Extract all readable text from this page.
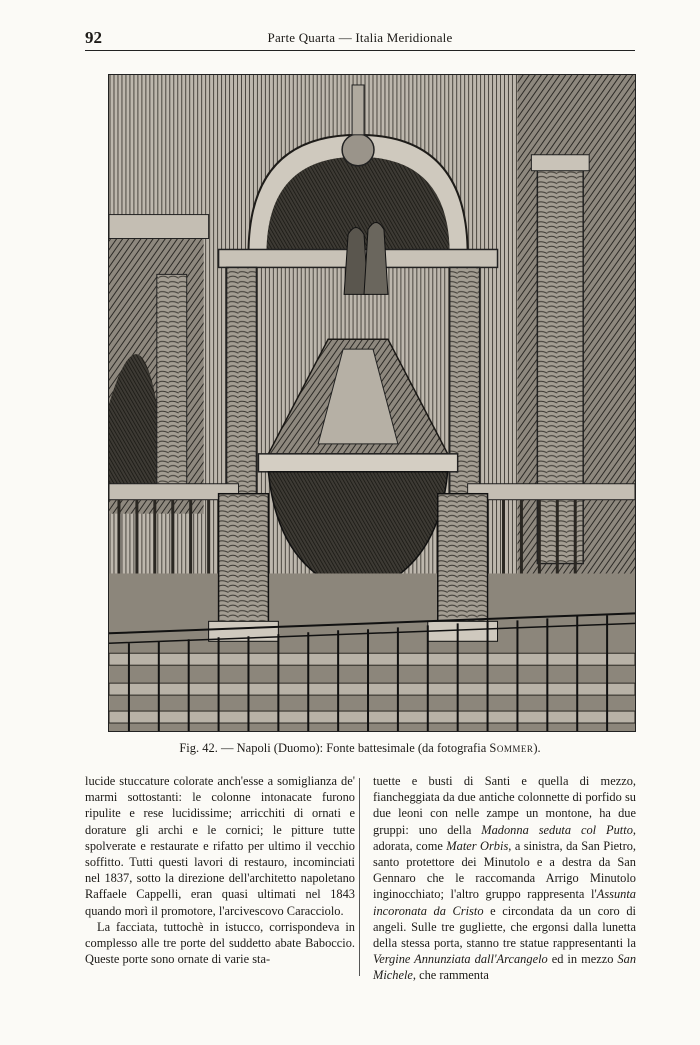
92	Parte Quarta — Italia Meridionale
Fig. 42. — Napoli (Duomo): Fonte battesimale (da fotografia Sommer).

lucide stuccature colorate anch'esse a somiglianza de' marmi sottostanti: le colonne intonacate furono ripulite e rese lucidissime; arricchiti di ornati e dorature gli archi e le cornici; le pitture tutte spolverate e restaurate e rifatto per ultimo il vecchio soffitto. Tutti questi lavori di restauro, incominciati nel 1837, sotto la direzione dell'architetto napoletano Raffaele Cappelli, eran quasi ultimati nel 1843 quando morì il promotore, l'arcivescovo Caracciolo.

La facciata, tuttochè in istucco, corrispondeva in complesso alle tre porte del suddetto abate Baboccio. Queste porte sono ornate di varie sta-

tuette e busti di Santi e quella di mezzo, fiancheggiata da due antiche colonnette di porfido su due leoni con nelle zampe un montone, ha due gruppi: uno della Madonna seduta col Putto, adorata, come Mater Orbis, a sinistra, da San Pietro, santo protettore dei Minutolo e a destra da San Gennaro che le raccomanda Arrigo Minutolo inginocchiato; l'altro gruppo rappresenta l'Assunta incoronata da Cristo e circondata da un coro di angeli. Sulle tre gugliette, che ergonsi dalla lunetta della stessa porta, stanno tre statue rappresentanti la Vergine Annunziata dall'Arcangelo ed in mezzo San Michele, che rammenta
